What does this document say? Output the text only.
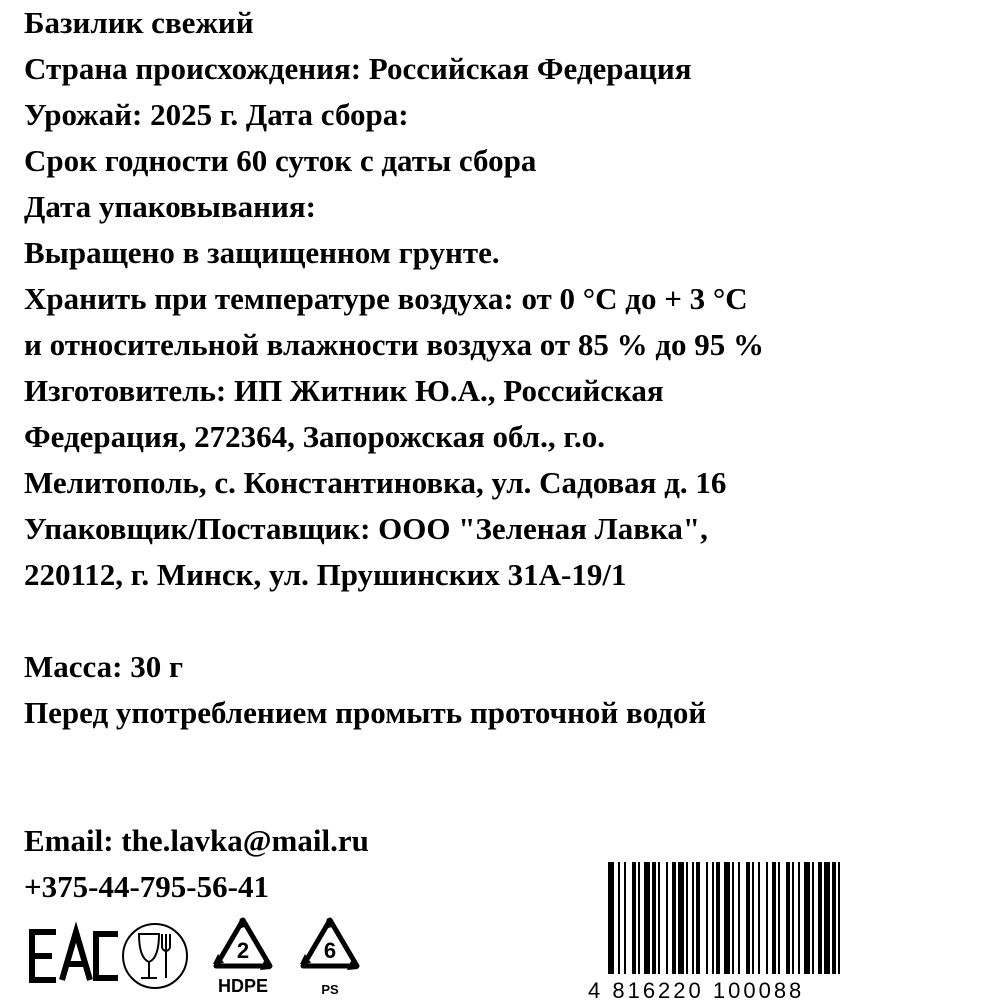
Базилик свежий
Страна происхождения: Российская Федерация
Урожай: 2025 г. Дата сбора:
Срок годности 60 суток с даты сбора
Дата упаковывания:
Выращено в защищенном грунте.
Хранить при температуре воздуха: от 0 °С до + 3 °С
и относительной влажности воздуха от 85 % до 95 %
Изготовитель: ИП Житник Ю.А., Российская
Федерация, 272364, Запорожская обл., г.о.
Мелитополь, с. Константиновка, ул. Садовая д. 16
Упаковщик/Поставщик: ООО "Зеленая Лавка",
220112, г. Минск, ул. Прушинских 31А-19/1
Масса: 30 г
Перед употреблением промыть проточной водой
Email: the.lavka@mail.ru
+375-44-795-56-41
2
HDPE
6
PS	4 816220 100088
